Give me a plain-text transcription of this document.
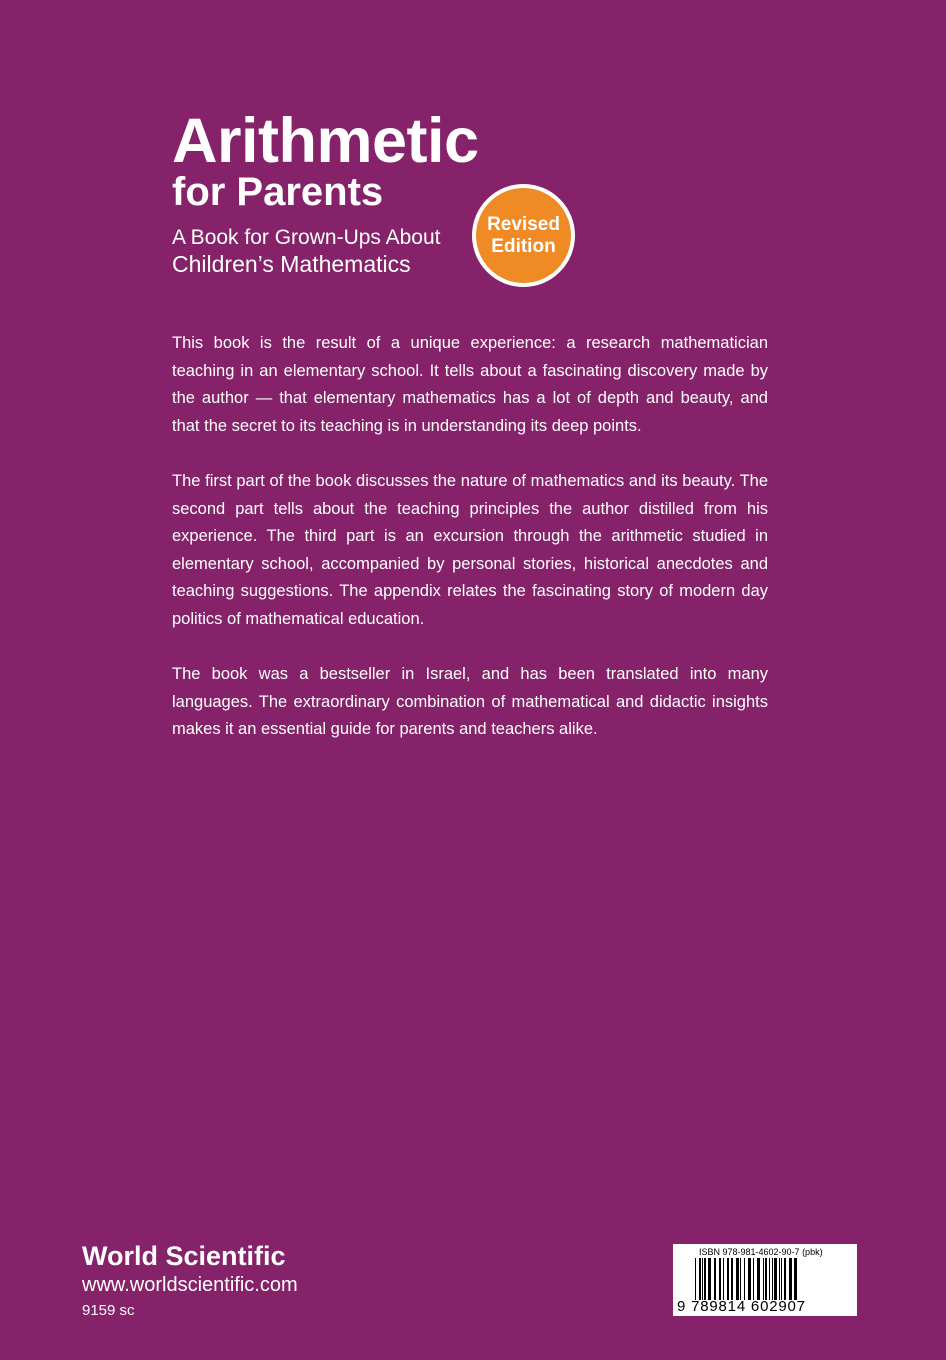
Arithmetic
for Parents
A Book for Grown-Ups About
Children’s Mathematics
Revised
Edition

This book is the result of a unique experience: a research mathematician teaching in an elementary school. It tells about a fascinating discovery made by the author — that elementary mathematics has a lot of depth and beauty, and that the secret to its teaching is in understanding its deep points.

The first part of the book discusses the nature of mathematics and its beauty. The second part tells about the teaching principles the author distilled from his experience. The third part is an excursion through the arithmetic studied in elementary school, accompanied by personal stories, historical anecdotes and teaching suggestions. The appendix relates the fascinating story of modern day politics of mathematical education.

The book was a bestseller in Israel, and has been translated into many languages. The extraordinary combination of mathematical and didactic insights makes it an essential guide for parents and teachers alike.

World Scientific
www.worldscientific.com
9159 sc
ISBN 978-981-4602-90-7 (pbk)
9 789814 602907
